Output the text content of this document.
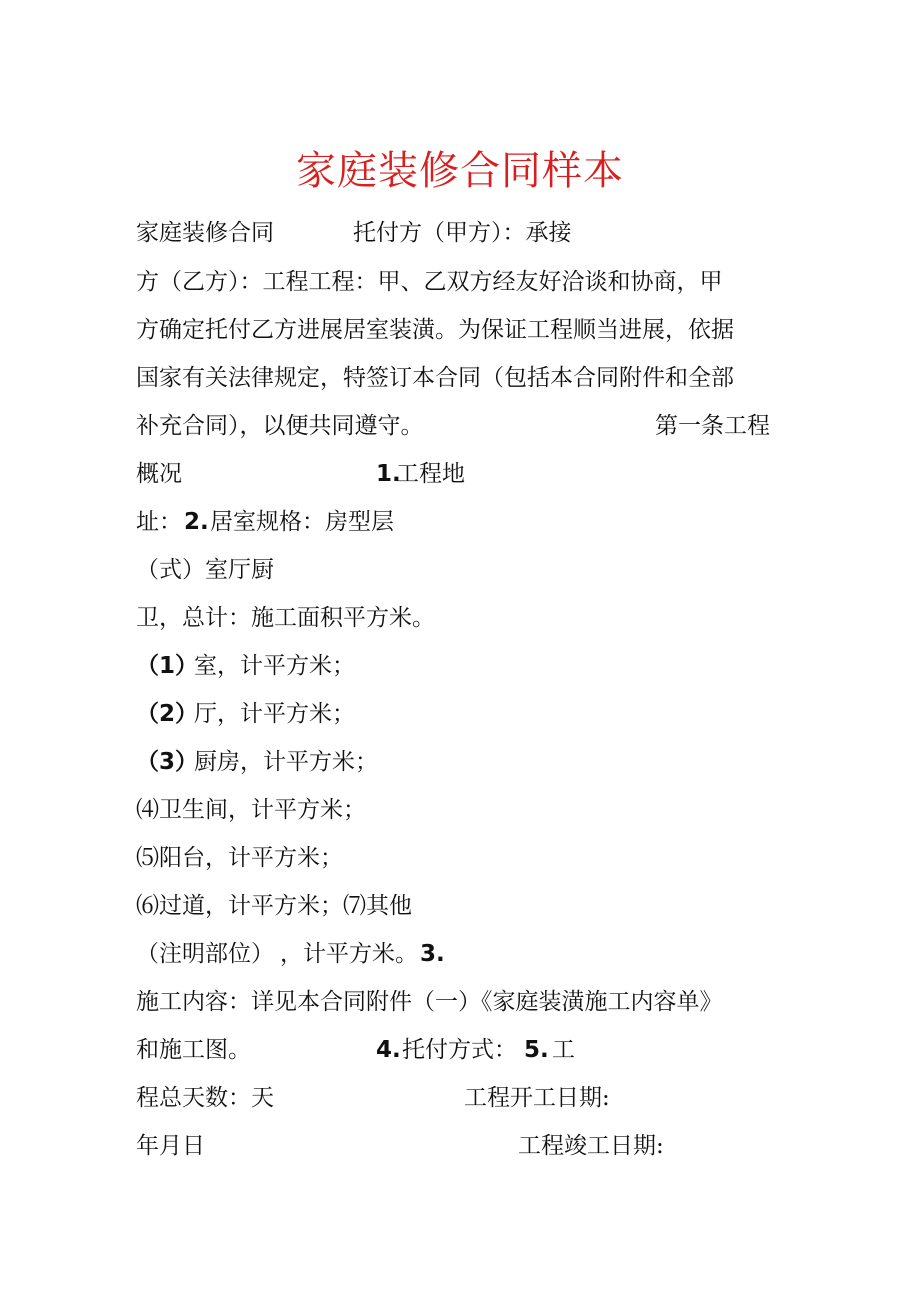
家庭装修合同样本
家庭装修合同	托付方（甲方）：承接
方（乙方）：工程工程：甲、乙双方经友好洽谈和协商，甲
方确定托付乙方进展居室装潢。为保证工程顺当进展，依据
国家有关法律规定，特签订本合同（包括本合同附件和全部
补充合同），以便共同遵守。	第一条工程
概况	1.
工程地
址： 2. 居室规格：房型层
（式）室厅厨
卫，总计：施工面积平方米。
（1）
室，计平方米；
（2）
厅，计平方米；
（3）
厨房，计平方米；
⑷卫生间，计平方米；
⑸阳台，计平方米；
⑹过道，计平方米；⑺其他
（注明部位） ，计平方米。 3.
施工内容：详见本合同附件（一）《家庭装潢施工内容单》
和施工图。	4. 托付方式： 5. 工
程总天数：天	工程开工日期:
年月日	工程竣工日期:
